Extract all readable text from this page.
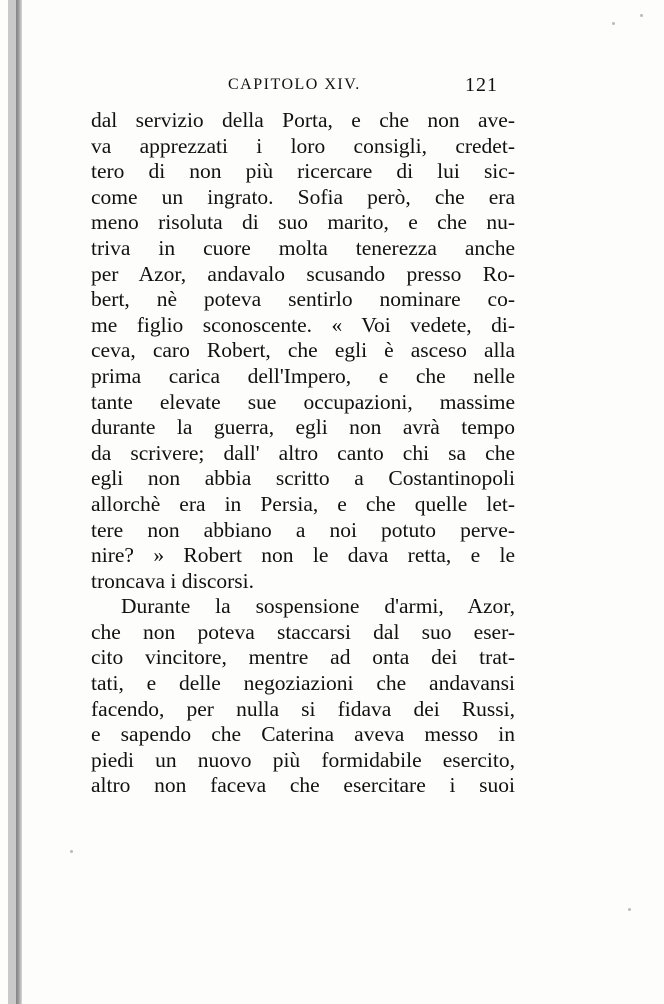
CAPITOLO XIV.	121
dal servizio della Porta, e che non ave-
va apprezzati i loro consigli, credet-
tero di non più ricercare di lui sic-
come un ingrato. Sofia però, che era
meno risoluta di suo marito, e che nu-
triva in cuore molta tenerezza anche
per Azor, andavalo scusando presso Ro-
bert, nè poteva sentirlo nominare co-
me figlio sconoscente. « Voi vedete, di-
ceva, caro Robert, che egli è asceso alla
prima carica dell'Impero, e che nelle
tante elevate sue occupazioni, massime
durante la guerra, egli non avrà tempo
da scrivere; dall' altro canto chi sa che
egli non abbia scritto a Costantinopoli
allorchè era in Persia, e che quelle let-
tere non abbiano a noi potuto perve-
nire? » Robert non le dava retta, e le
troncava i discorsi.
Durante la sospensione d'armi, Azor,
che non poteva staccarsi dal suo eser-
cito vincitore, mentre ad onta dei trat-
tati, e delle negoziazioni che andavansi
facendo, per nulla si fidava dei Russi,
e sapendo che Caterina aveva messo in
piedi un nuovo più formidabile esercito,
altro non faceva che esercitare i suoi
